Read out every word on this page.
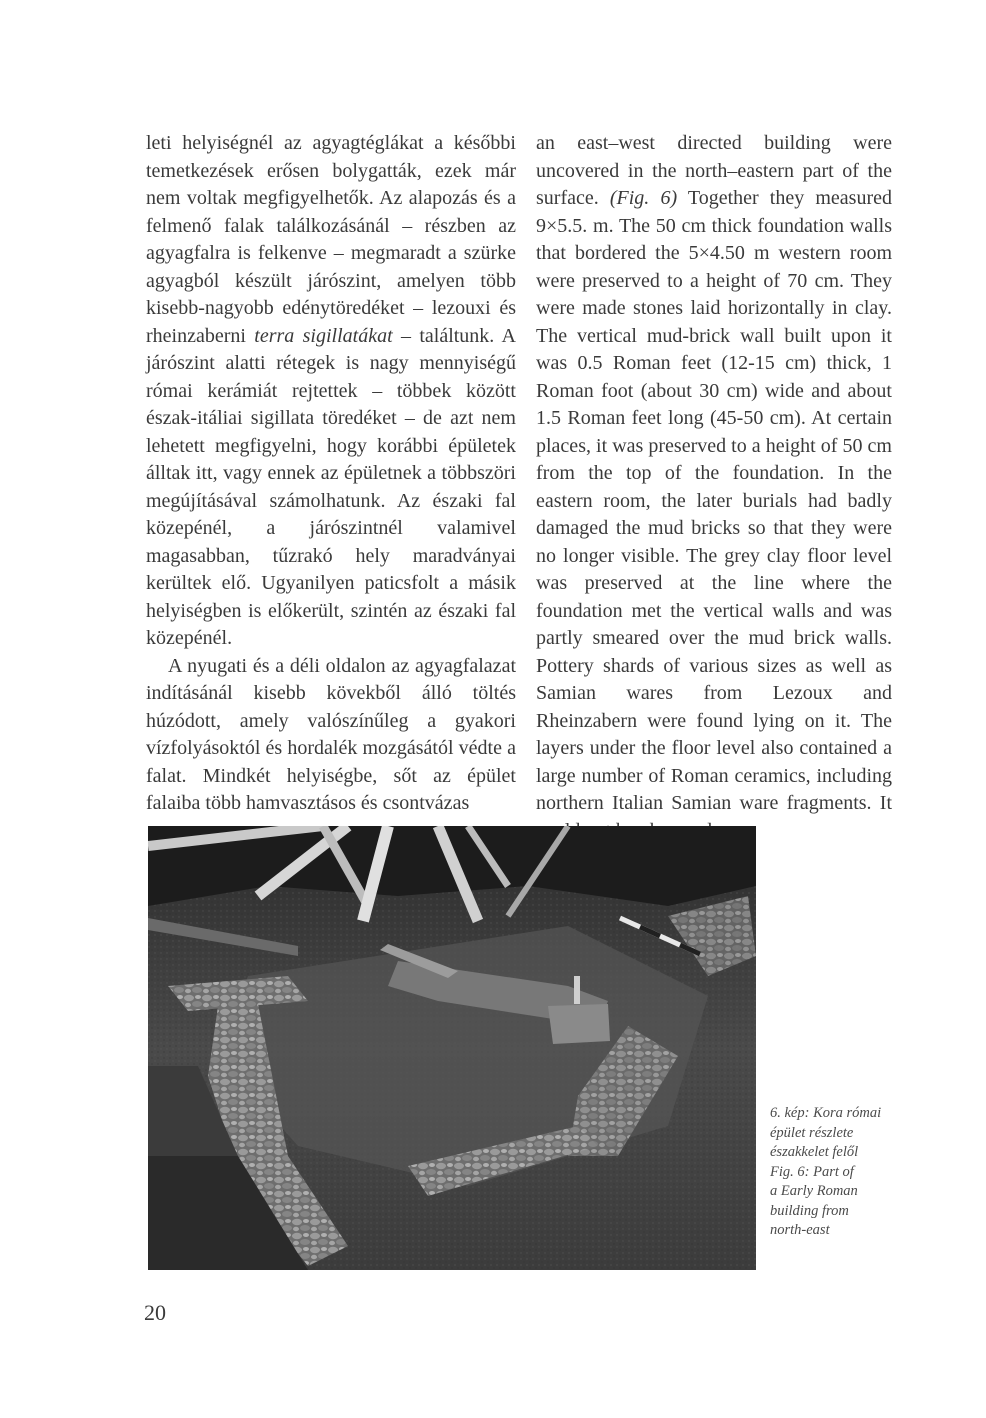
leti helyiségnél az agyagtéglákat a későbbi temetkezések erősen bolygatták, ezek már nem voltak megfigyelhetők. Az alapozás és a felmenő falak találkozásánál – részben az agyagfalra is felkenve – megmaradt a szürke agyagból készült járószint, amelyen több kisebb-nagyobb edénytöredéket – lezouxi és rheinzaberni terra sigillatákat – találtunk. A járószint alatti rétegek is nagy mennyiségű római kerámiát rejtettek – többek között észak-itáliai sigillata töredéket – de azt nem lehetett megfigyelni, hogy korábbi épületek álltak itt, vagy ennek az épületnek a többszöri megújításával számolhatunk. Az északi fal közepénél, a járószintnél valamivel magasabban, tűzrakó hely maradványai kerültek elő. Ugyanilyen paticsfolt a másik helyiségben is előkerült, szintén az északi fal közepénél.

A nyugati és a déli oldalon az agyagfalazat indításánál kisebb kövekből álló töltés húzódott, amely valószínűleg a gyakori vízfolyásoktól és hordalék mozgásától védte a falat. Mindkét helyiségbe, sőt az épület falaiba több hamvasztásos és csontvázas

an east–west directed building were uncovered in the north–eastern part of the surface. (Fig. 6) Together they measured 9×5.5. m. The 50 cm thick foundation walls that bordered the 5×4.50 m western room were preserved to a height of 70 cm. They were made stones laid horizontally in clay. The vertical mud-brick wall built upon it was 0.5 Roman feet (12-15 cm) thick, 1 Roman foot (about 30 cm) wide and about 1.5 Roman feet long (45-50 cm). At certain places, it was preserved to a height of 50 cm from the top of the foundation. In the eastern room, the later burials had badly damaged the mud bricks so that they were no longer visible. The grey clay floor level was preserved at the line where the foundation met the vertical walls and was partly smeared over the mud brick walls. Pottery shards of various sizes as well as Samian wares from Lezoux and Rheinzabern were found lying on it. The layers under the floor level also contained a large number of Roman ceramics, including northern Italian Samian ware fragments. It

6. kép: Kora római
épület részlete
északkelet felől
Fig. 6: Part of
a Early Roman
building from
north-east
20
